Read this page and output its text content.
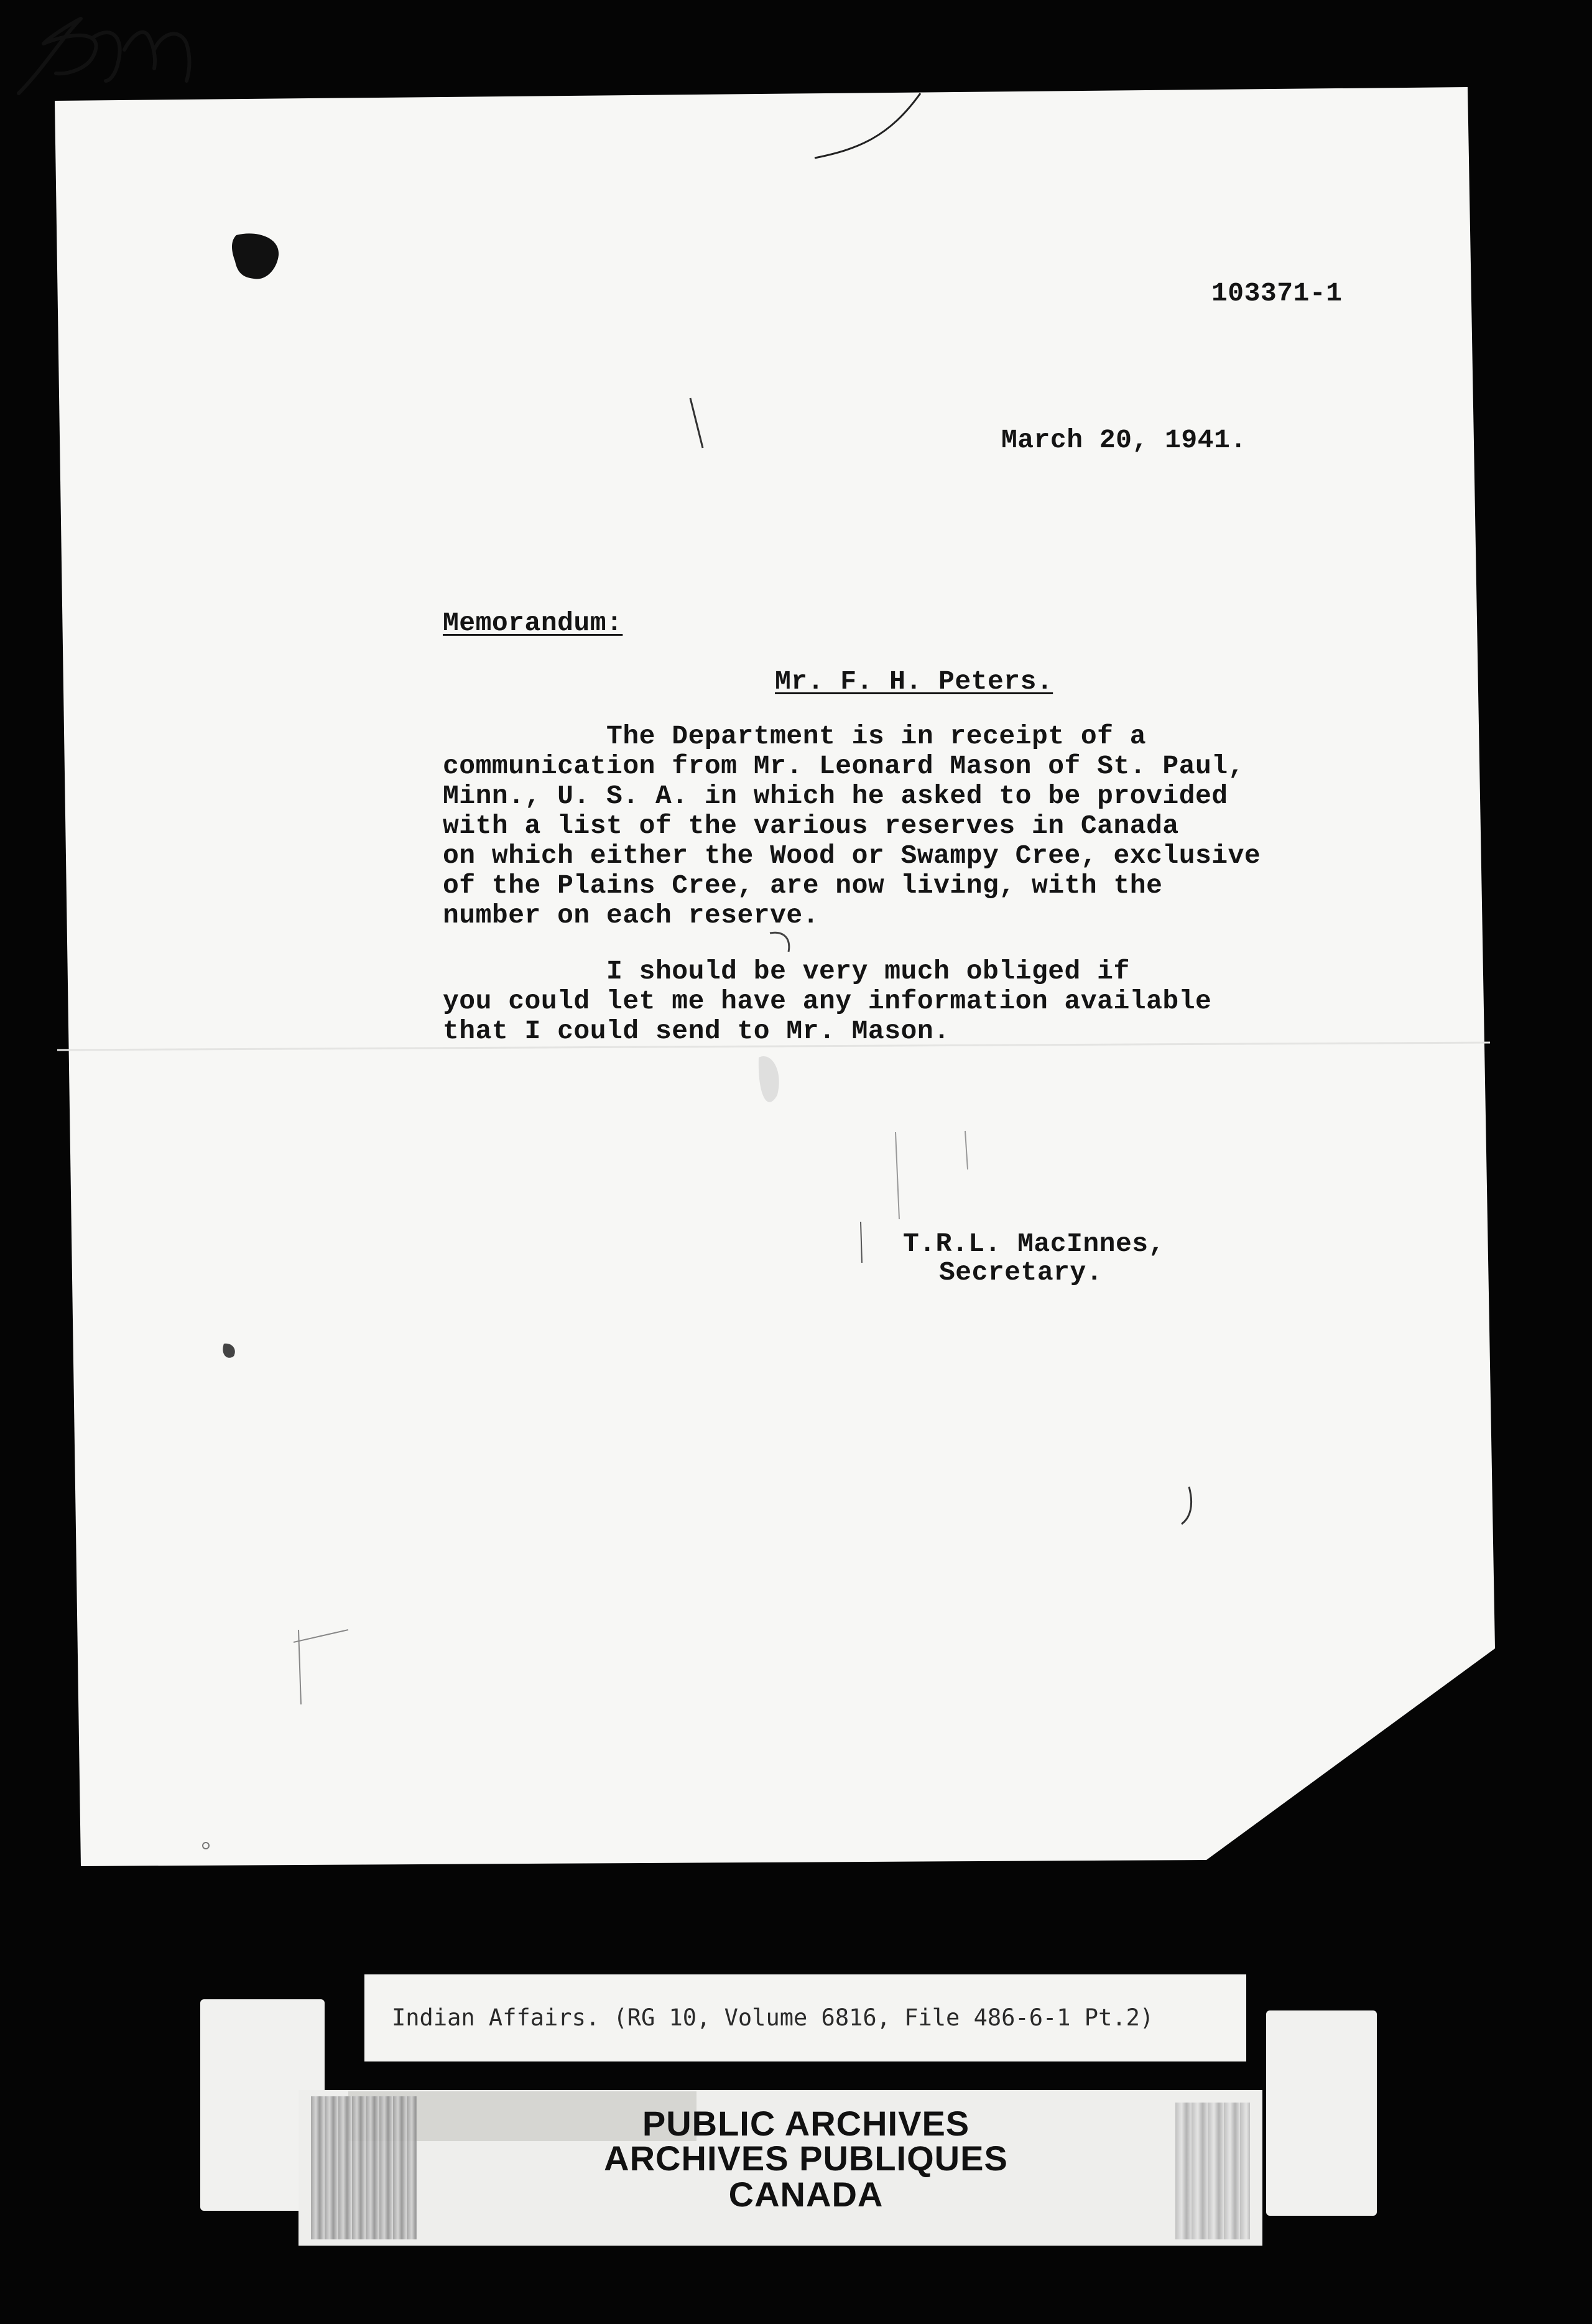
103371-1
March 20, 1941.
Memorandum:
Mr. F. H. Peters.
The Department is in receipt of a
communication from Mr. Leonard Mason of St. Paul,
Minn., U. S. A. in which he asked to be provided
with a list of the various reserves in Canada
on which either the Wood or Swampy Cree, exclusive
of the Plains Cree, are now living, with the
number on each reserve.
I should be very much obliged if
you could let me have any information available
that I could send to Mr. Mason.
T.R.L. MacInnes,
Secretary.
Indian Affairs. (RG 10, Volume 6816, File 486-6-1 Pt.2)
PUBLIC ARCHIVES
ARCHIVES PUBLIQUES
CANADA
